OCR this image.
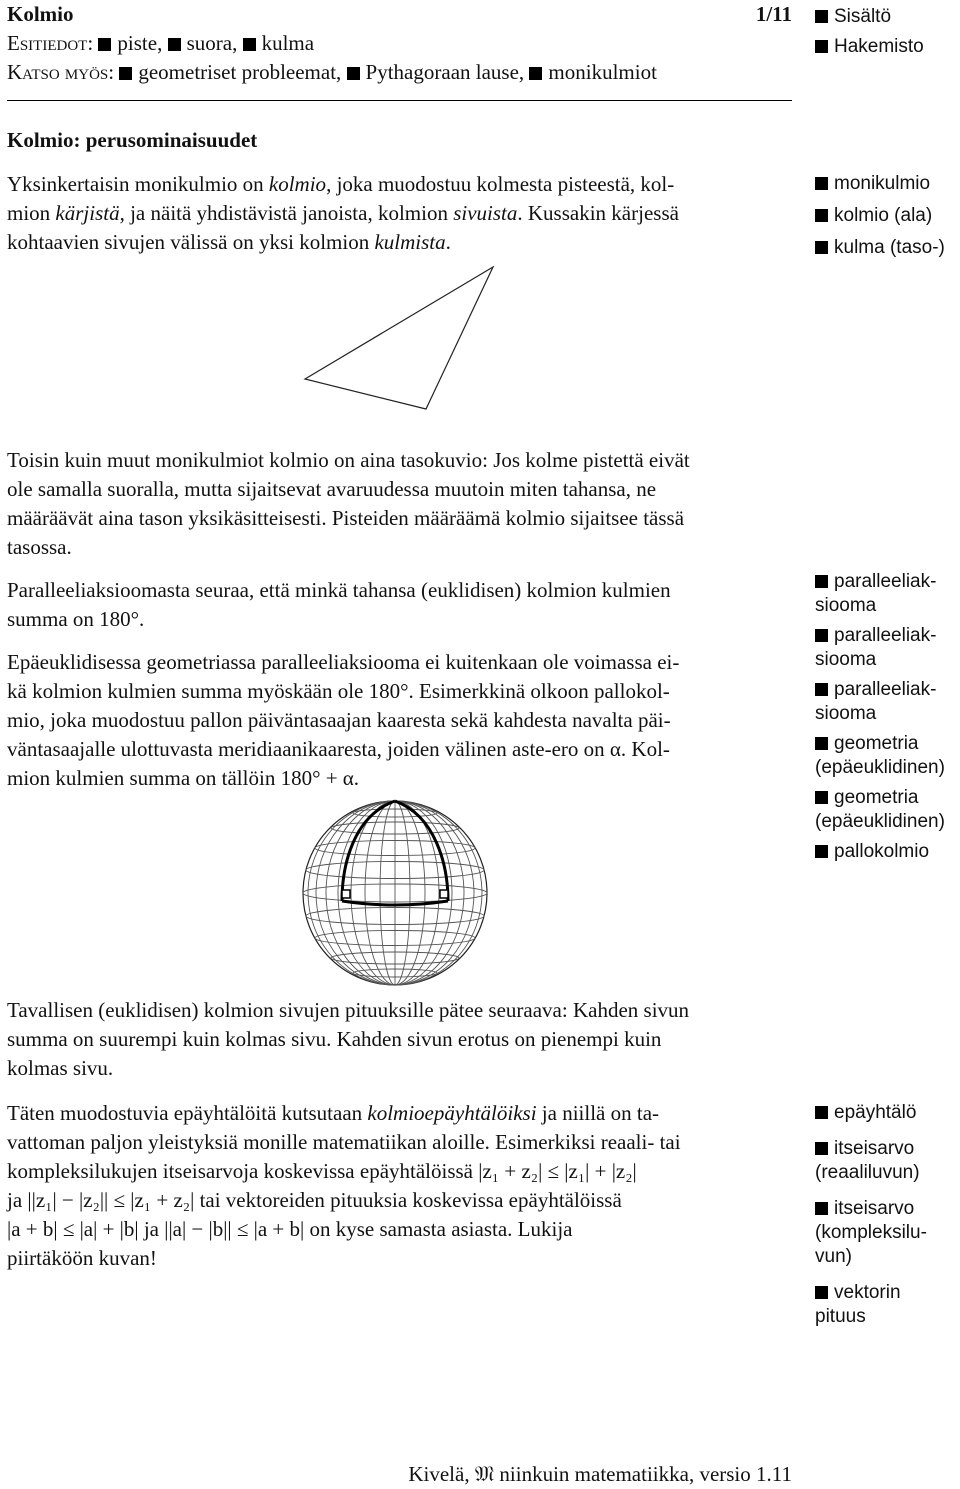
Kolmio	1/11
Esitiedot: piste, suora, kulma
Katso myös: geometriset probleemat, Pythagoraan lause, monikulmiot
Sisältö
Hakemisto
Kolmio: perusominaisuudet
Yksinkertaisin monikulmio on kolmio, joka muodostuu kolmesta pisteestä, kol-
mion kärjistä, ja näitä yhdistävistä janoista, kolmion sivuista. Kussakin kärjessä
kohtaavien sivujen välissä on yksi kolmion kulmista.
monikulmio
kolmio (ala)
kulma (taso-)
Toisin kuin muut monikulmiot kolmio on aina tasokuvio: Jos kolme pistettä eivät
ole samalla suoralla, mutta sijaitsevat avaruudessa muutoin miten tahansa, ne
määräävät aina tason yksikäsitteisesti. Pisteiden määräämä kolmio sijaitsee tässä
tasossa.
Paralleeliaksioomasta seuraa, että minkä tahansa (euklidisen) kolmion kulmien
summa on 180°.
Epäeuklidisessa geometriassa paralleeliaksiooma ei kuitenkaan ole voimassa ei-
kä kolmion kulmien summa myöskään ole 180°. Esimerkkinä olkoon pallokol-
mio, joka muodostuu pallon päiväntasaajan kaaresta sekä kahdesta navalta päi-
väntasaajalle ulottuvasta meridiaanikaaresta, joiden välinen aste-ero on α. Kol-
mion kulmien summa on tällöin 180° + α.
paralleeliak-
siooma
paralleeliak-
siooma
paralleeliak-
siooma
geometria
(epäeuklidinen)
geometria
(epäeuklidinen)
pallokolmio
Tavallisen (euklidisen) kolmion sivujen pituuksille pätee seuraava: Kahden sivun
summa on suurempi kuin kolmas sivu. Kahden sivun erotus on pienempi kuin
kolmas sivu.
Täten muodostuvia epäyhtälöitä kutsutaan kolmioepäyhtälöiksi ja niillä on ta-
vattoman paljon yleistyksiä monille matematiikan aloille. Esimerkiksi reaali- tai
kompleksilukujen itseisarvoja koskevissa epäyhtälöissä |z₁ + z₂| ≤ |z₁| + |z₂|
ja ||z₁| − |z₂|| ≤ |z₁ + z₂| tai vektoreiden pituuksia koskevissa epäyhtälöissä
|a + b| ≤ |a| + |b| ja ||a| − |b|| ≤ |a + b| on kyse samasta asiasta. Lukija
piirtäköön kuvan!
epäyhtälö
itseisarvo
(reaaliluvun)
itseisarvo
(kompleksilu-
vun)
vektorin
pituus
Kivelä, 𝔐 niinkuin matematiikka, versio 1.11
